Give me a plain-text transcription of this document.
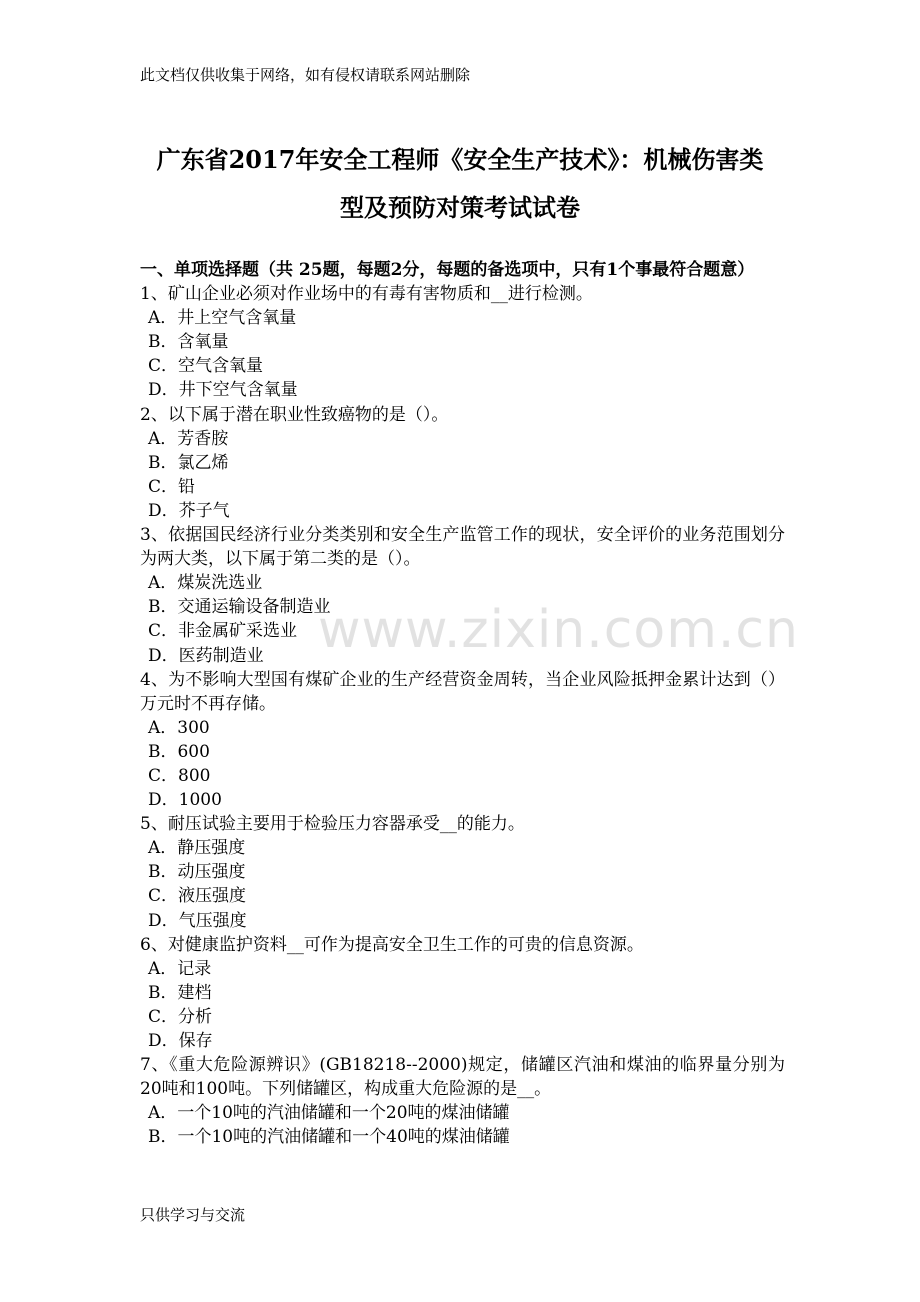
此文档仅供收集于网络，如有侵权请联系网站删除
广东省2017年安全工程师《安全生产技术》：机械伤害类
型及预防对策考试试卷
一、单项选择题（共 25题，每题2分，每题的备选项中，只有1个事最符合题意）
1、矿山企业必须对作业场中的有毒有害物质和__进行检测。
A．井上空气含氧量
B．含氧量
C．空气含氧量
D．井下空气含氧量
2、以下属于潜在职业性致癌物的是（）。
A．芳香胺
B．氯乙烯
C．铅
D．芥子气
3、依据国民经济行业分类类别和安全生产监管工作的现状，安全评价的业务范围划分为两大类，以下属于第二类的是（）。
A．煤炭洗选业
B．交通运输设备制造业
C．非金属矿采选业
D．医药制造业
4、为不影响大型国有煤矿企业的生产经营资金周转，当企业风险抵押金累计达到（）万元时不再存储。
A．300
B．600
C．800
D．1000
5、耐压试验主要用于检验压力容器承受__的能力。
A．静压强度
B．动压强度
C．液压强度
D．气压强度
6、对健康监护资料__可作为提高安全卫生工作的可贵的信息资源。
A．记录
B．建档
C．分析
D．保存
7、《重大危险源辨识》(GB18218--2000)规定，储罐区汽油和煤油的临界量分别为20吨和100吨。下列储罐区，构成重大危险源的是__。
A．一个10吨的汽油储罐和一个20吨的煤油储罐
B．一个10吨的汽油储罐和一个40吨的煤油储罐
www.zixin.com.cn
只供学习与交流
